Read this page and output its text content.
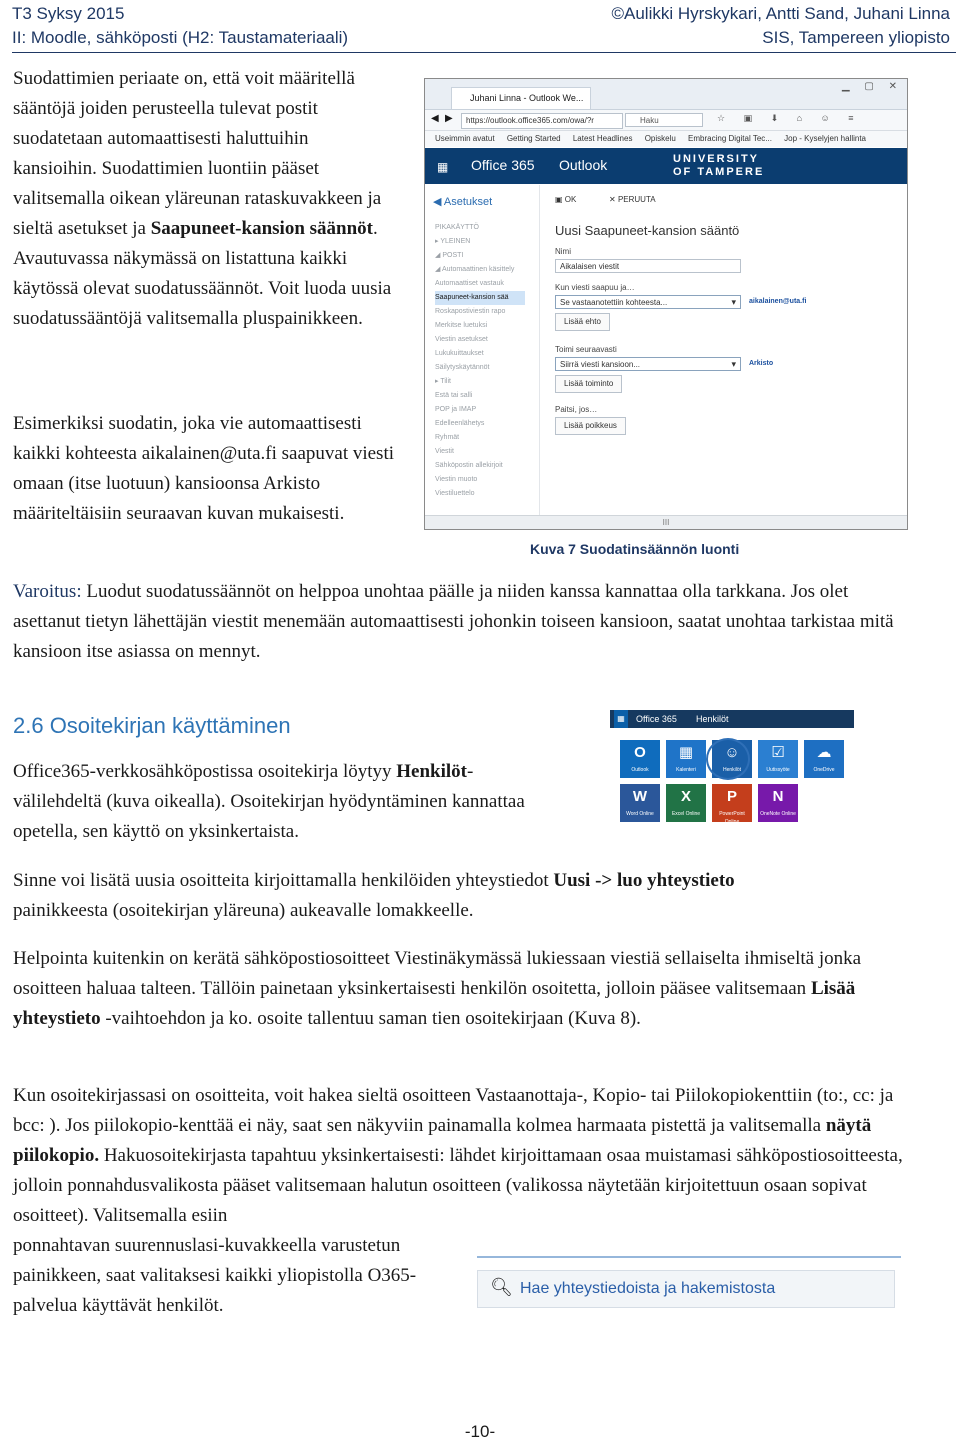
T3 Syksy 2015
II: Moodle, sähköposti (H2: Taustamateriaali)
©Aulikki Hyrskykari, Antti Sand, Juhani Linna
SIS, Tampereen yliopisto

Suodattimien periaate on, että voit määritellä sääntöjä joiden perusteella tulevat postit suodatetaan automaattisesti haluttuihin kansioihin. Suodattimien luontiin pääset valitsemalla oikean yläreunan rataskuvakkeen ja sieltä asetukset ja Saapuneet-kansion säännöt. Avautuvassa näkymässä on listattuna kaikki käytössä olevat suodatussäännöt. Voit luoda uusia suodatussääntöjä valitsemalla pluspainikkeen.

Esimerkiksi suodatin, joka vie automaattisesti kaikki kohteesta aikalainen@uta.fi saapuvat viesti omaan (itse luotuun) kansioonsa Arkisto määriteltäisiin seuraavan kuvan mukaisesti.

Juhani Linna - Outlook We...
▁ ▢ ✕
◀ ▶	https://outlook.office365.com/owa/?r	Haku	☆ ▣ ⬇ ⌂ ☺ ≡
Useimmin avatut Getting Started Latest Headlines Opiskelu Embracing Digital Tec... Jop - Kyselyjen hallinta
▦ Office 365 Outlook	UNIVERSITY
OF TAMPERE
◀ Asetukset
PIKAKÄYTTÖ
▸ YLEINEN
◢ POSTI
◢ Automaattinen käsittely
Automaattiset vastauk
Saapuneet-kansion sää
Roskapostiviestin rapo
Merkitse luetuksi
Viestin asetukset
Lukukuittaukset
Säilytyskäytännöt
▸ Tilit
Estä tai salli
POP ja IMAP
Edelleenlähetys
Ryhmät
Viestit
Sähköpostin allekirjoit
Viestin muoto
Viestiluettelo
▣ OK	✕ PERUUTA
Uusi Saapuneet-kansion sääntö
Nimi
Aikalaisen viestit
Kun viesti saapuu ja…
Se vastaanotettiin kohteesta... ▾	aikalainen@uta.fi
Lisää ehto
Toimi seuraavasti
Siirrä viesti kansioon... ▾	Arkisto
Lisää toiminto
Paitsi, jos…
Lisää poikkeus
III
Kuva 7 Suodatinsäännön luonti

Varoitus: Luodut suodatussäännöt on helppoa unohtaa päälle ja niiden kanssa kannattaa olla tarkkana. Jos olet asettanut tietyn lähettäjän viestit menemään automaattisesti johonkin toiseen kansioon, saatat unohtaa tarkistaa mitä kansioon itse asiassa on mennyt.

2.6 Osoitekirjan käyttäminen

Office365-verkkosähköpostissa osoitekirja löytyy Henkilöt-välilehdeltä (kuva oikealla). Osoitekirjan hyödyntäminen kannattaa opetella, sen käyttö on yksinkertaista.

▦	Office 365 Henkilöt
O
Outlook
▦
Kalenteri
☺
Henkilöt
☑
Uutissyöte
☁
OneDrive
W
Word Online
X
Excel Online
P
PowerPoint Online
N
OneNote Online

Sinne voi lisätä uusia osoitteita kirjoittamalla henkilöiden yhteystiedot Uusi -> luo yhteystieto
painikkeesta (osoitekirjan yläreuna) aukeavalle lomakkeelle.

Helpointa kuitenkin on kerätä sähköpostiosoitteet Viestinäkymässä lukiessaan viestiä sellaiselta ihmiseltä jonka osoitteen haluaa talteen. Tällöin painetaan yksinkertaisesti henkilön osoitetta, jolloin pääsee valitsemaan Lisää yhteystieto -vaihtoehdon ja ko. osoite tallentuu saman tien osoitekirjaan (Kuva 8).

Kun osoitekirjassasi on osoitteita, voit hakea sieltä osoitteen Vastaanottaja-, Kopio- tai Piilokopiokenttiin (to:, cc: ja bcc: ). Jos piilokopio-kenttää ei näy, saat sen näkyviin painamalla kolmea harmaata pistettä ja valitsemalla näytä piilokopio. Hakuosoitekirjasta tapahtuu yksinkertaisesti: lähdet kirjoittamaan osaa muistamasi sähköpostiosoitteesta, jolloin ponnahdusvalikosta pääset valitsemaan halutun osoitteen (valikossa näytetään kirjoitettuun osaan sopivat osoitteet). Valitsemalla esiin

ponnahtavan suurennuslasi-kuvakkeella varustetun painikkeen, saat valitaksesi kaikki yliopistolla O365-palvelua käyttävät henkilöt.

🔍︎ Hae yhteystiedoista ja hakemistosta
-10-
